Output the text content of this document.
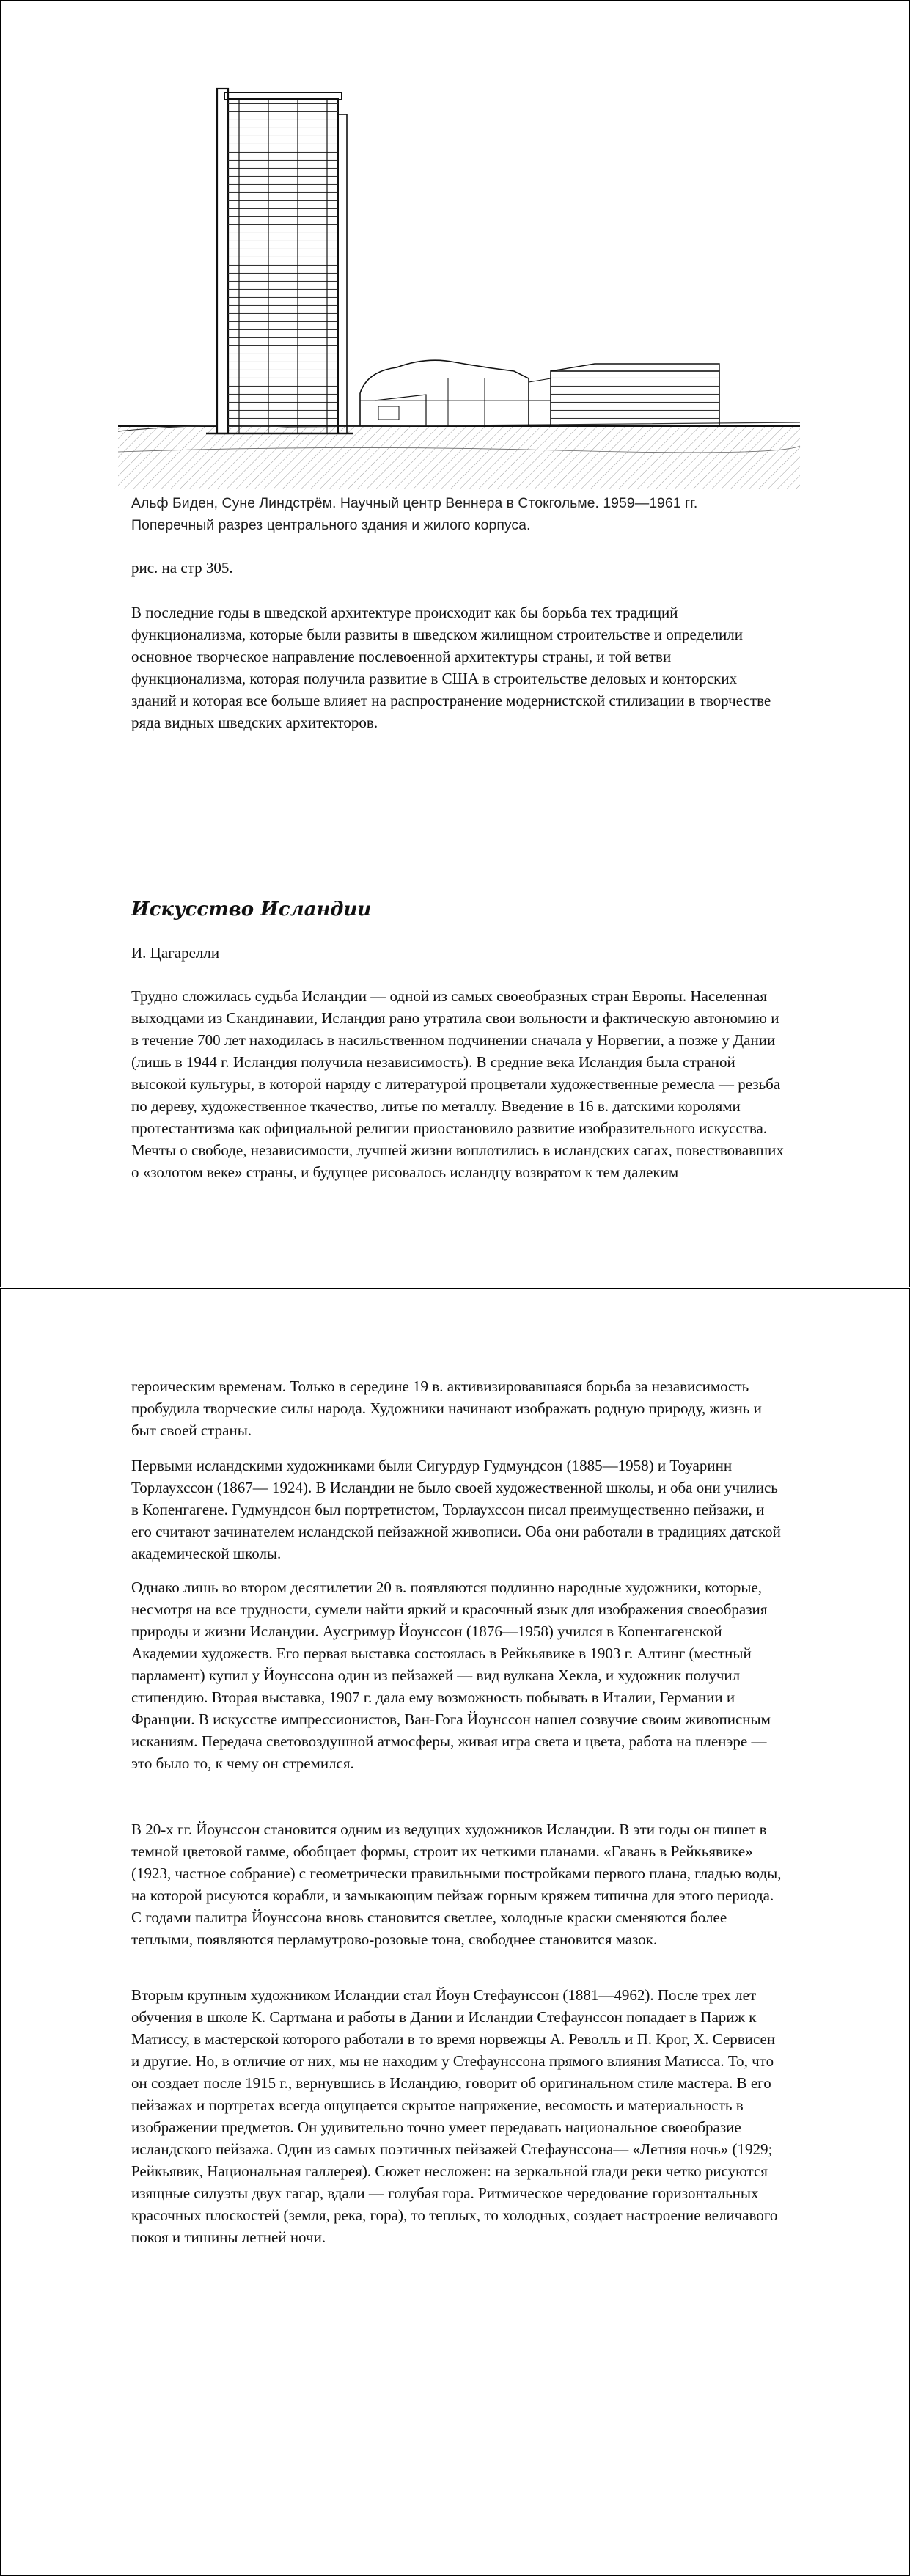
Альф Биден, Суне Линдстрём. Научный центр Веннера в Стокгольме. 1959—1961 гг. Поперечный разрез центрального здания и жилого корпуса.

рис. на стр 305.

В последние годы в шведской архитектуре происходит как бы борьба тех традиций функционализма, которые были развиты в шведском жилищном строительстве и определили основное творческое направление послевоенной архитектуры страны, и той ветви функционализма, которая получила развитие в США в строительстве деловых и конторских зданий и которая все больше влияет на распространение модернистской стилизации в творчестве ряда видных шведских архитекторов.

Искусство Исландии

И. Цагарелли

Трудно сложилась судьба Исландии — одной из самых своеобразных стран Европы. Населенная выходцами из Скандинавии, Исландия рано утратила свои вольности и фактическую автономию и в течение 700 лет находилась в насильственном подчинении сначала у Норвегии, а позже у Дании (лишь в 1944 г. Исландия получила независимость). В средние века Исландия была страной высокой культуры, в которой наряду с литературой процветали художественные ремесла — резьба по дереву, художественное ткачество, литье по металлу. Введение в 16 в. датскими королями протестантизма как официальной религии приостановило развитие изобразительного искусства. Мечты о свободе, независимости, лучшей жизни воплотились в исландских сагах, повествовавших о «золотом веке» страны, и будущее рисовалось исландцу возвратом к тем далеким

героическим временам. Только в середине 19 в. активизировавшаяся борьба за независимость пробудила творческие силы народа. Художники начинают изображать родную природу, жизнь и быт своей страны.

Первыми исландскими художниками были Сигурдур Гудмундсон (1885—1958) и Тоуаринн Торлаухссон (1867— 1924). В Исландии не было своей художественной школы, и оба они учились в Копенгагене. Гудмундсон был портретистом, Торлаухссон писал преимущественно пейзажи, и его считают зачинателем исландской пейзажной живописи. Оба они работали в традициях датской академической школы.

Однако лишь во втором десятилетии 20 в. появляются подлинно народные художники, которые, несмотря на все трудности, сумели найти яркий и красочный язык для изображения своеобразия природы и жизни Исландии. Аусгримур Йоунссон (1876—1958) учился в Копенгагенской Академии художеств. Его первая выставка состоялась в Рейкьявике в 1903 г. Алтинг (местный парламент) купил у Йоунссона один из пейзажей — вид вулкана Хекла, и художник получил стипендию. Вторая выставка, 1907 г. дала ему возможность побывать в Италии, Германии и Франции. В искусстве импрессионистов, Ван-Гога Йоунссон нашел созвучие своим живописным исканиям. Передача световоздушной атмосферы, живая игра света и цвета, работа на пленэре — это было то, к чему он стремился.

В 20-х гг. Йоунссон становится одним из ведущих художников Исландии. В эти годы он пишет в темной цветовой гамме, обобщает формы, строит их четкими планами. «Гавань в Рейкьявике» (1923, частное собрание) с геометрически правильными постройками первого плана, гладью воды, на которой рисуются корабли, и замыкающим пейзаж горным кряжем типична для этого периода. С годами палитра Йоунссона вновь становится светлее, холодные краски сменяются более теплыми, появляются перламутрово-розовые тона, свободнее становится мазок.

Вторым крупным художником Исландии стал Йоун Стефаунссон (1881—4962). После трех лет обучения в школе К. Сартмана и работы в Дании и Исландии Стефаунссон попадает в Париж к Матиссу, в мастерской которого работали в то время норвежцы А. Револль и П. Крог, Х. Сервисен и другие. Но, в отличие от них, мы не находим у Стефаунссона прямого влияния Матисса. То, что он создает после 1915 г., вернувшись в Исландию, говорит об оригинальном стиле мастера. В его пейзажах и портретах всегда ощущается скрытое напряжение, весомость и материальность в изображении предметов. Он удивительно точно умеет передавать национальное своеобразие исландского пейзажа. Один из самых поэтичных пейзажей Стефаунссона— «Летняя ночь» (1929; Рейкьявик, Национальная галлерея). Сюжет несложен: на зеркальной глади реки четко рисуются изящные силуэты двух гагар, вдали — голубая гора. Ритмическое чередование горизонтальных красочных плоскостей (земля, река, гора), то теплых, то холодных, создает настроение величавого покоя и тишины летней ночи.
